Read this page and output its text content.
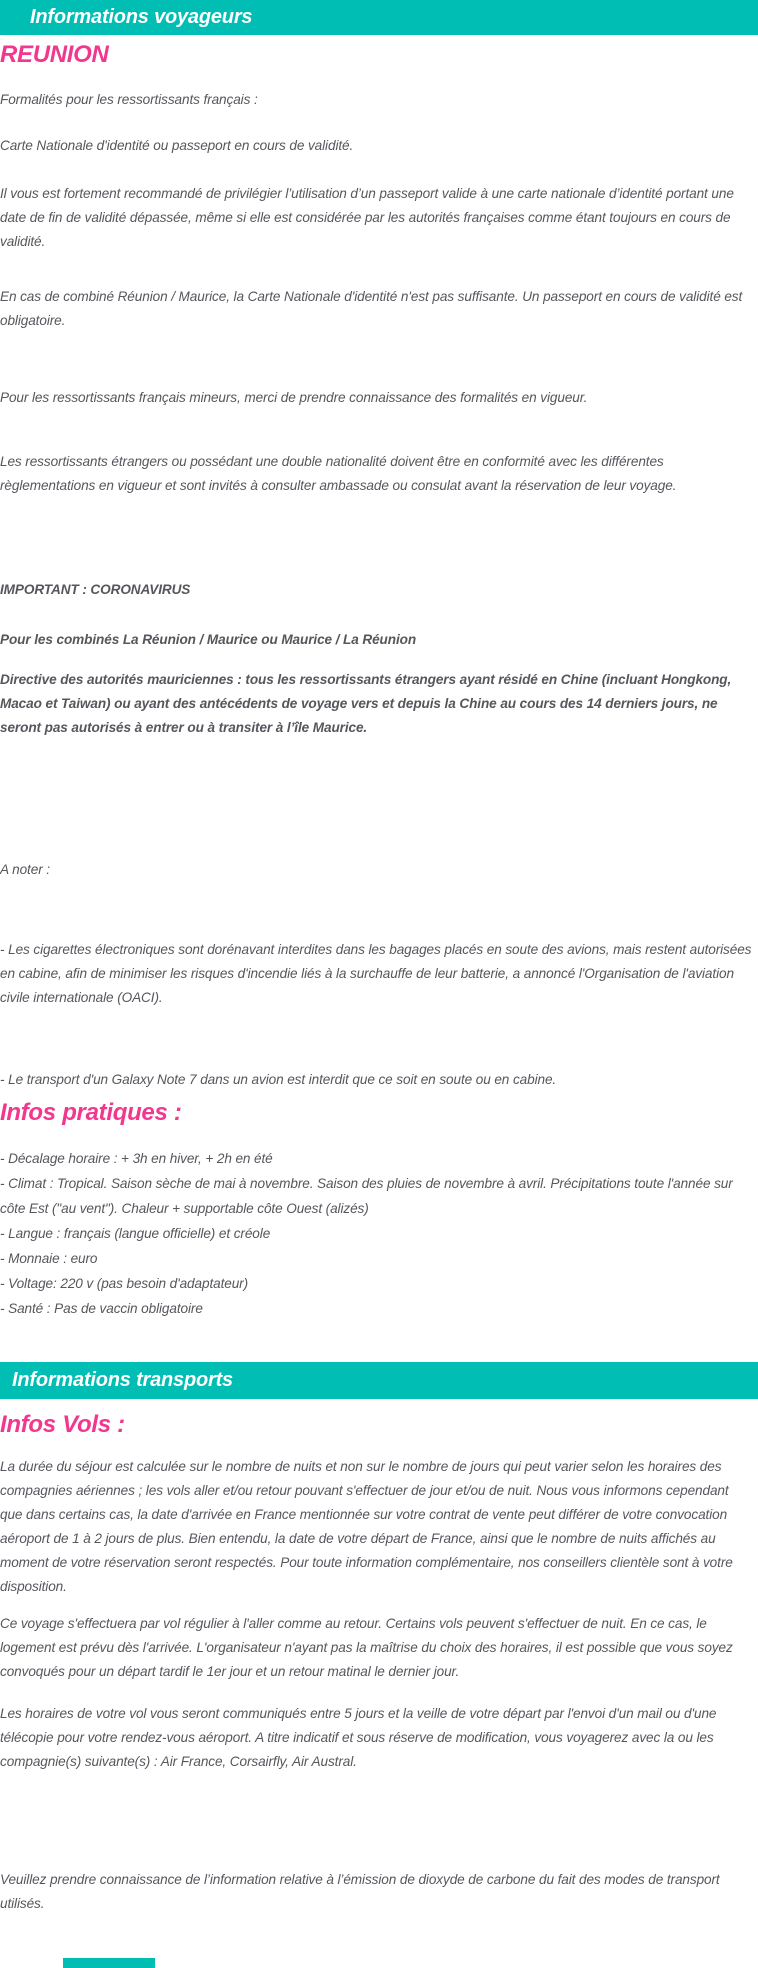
Informations voyageurs
REUNION

Formalités pour les ressortissants français :

Carte Nationale d'identité ou passeport en cours de validité.

Il vous est fortement recommandé de privilégier l’utilisation d’un passeport valide à une carte nationale d’identité portant une date de fin de validité dépassée, même si elle est considérée par les autorités françaises comme étant toujours en cours de validité.

En cas de combiné Réunion / Maurice, la Carte Nationale d'identité n'est pas suffisante. Un passeport en cours de validité est obligatoire.

Pour les ressortissants français mineurs, merci de prendre connaissance des formalités en vigueur.

Les ressortissants étrangers ou possédant une double nationalité doivent être en conformité avec les différentes règlementations en vigueur et sont invités à consulter ambassade ou consulat avant la réservation de leur voyage.

IMPORTANT : CORONAVIRUS

Pour les combinés La Réunion / Maurice ou Maurice / La Réunion

Directive des autorités mauriciennes : tous les ressortissants étrangers ayant résidé en Chine (incluant Hongkong, Macao et Taiwan) ou ayant des antécédents de voyage vers et depuis la Chine au cours des 14 derniers jours, ne seront pas autorisés à entrer ou à transiter à l’île Maurice.

A noter :

- Les cigarettes électroniques sont dorénavant interdites dans les bagages placés en soute des avions, mais restent autorisées en cabine, afin de minimiser les risques d'incendie liés à la surchauffe de leur batterie, a annoncé l'Organisation de l'aviation civile internationale (OACI).

- Le transport d'un Galaxy Note 7 dans un avion est interdit que ce soit en soute ou en cabine.

Infos pratiques :

- Décalage horaire : + 3h en hiver, + 2h en été

- Climat : Tropical. Saison sèche de mai à novembre. Saison des pluies de novembre à avril. Précipitations toute l'année sur côte Est ("au vent"). Chaleur + supportable côte Ouest (alizés)

- Langue : français (langue officielle) et créole

- Monnaie : euro

- Voltage: 220 v (pas besoin d'adaptateur)

- Santé : Pas de vaccin obligatoire

Informations transports
Infos Vols :

La durée du séjour est calculée sur le nombre de nuits et non sur le nombre de jours qui peut varier selon les horaires des compagnies aériennes ; les vols aller et/ou retour pouvant s'effectuer de jour et/ou de nuit. Nous vous informons cependant que dans certains cas, la date d'arrivée en France mentionnée sur votre contrat de vente peut différer de votre convocation aéroport de 1 à 2 jours de plus. Bien entendu, la date de votre départ de France, ainsi que le nombre de nuits affichés au moment de votre réservation seront respectés. Pour toute information complémentaire, nos conseillers clientèle sont à votre disposition.

Ce voyage s'effectuera par vol régulier à l'aller comme au retour. Certains vols peuvent s'effectuer de nuit. En ce cas, le logement est prévu dès l'arrivée. L'organisateur n'ayant pas la maîtrise du choix des horaires, il est possible que vous soyez convoqués pour un départ tardif le 1er jour et un retour matinal le dernier jour.

Les horaires de votre vol vous seront communiqués entre 5 jours et la veille de votre départ par l'envoi d'un mail ou d'une télécopie pour votre rendez-vous aéroport. A titre indicatif et sous réserve de modification, vous voyagerez avec la ou les compagnie(s) suivante(s) : Air France, Corsairfly, Air Austral.

Veuillez prendre connaissance de l’information relative à l’émission de dioxyde de carbone du fait des modes de transport utilisés.
